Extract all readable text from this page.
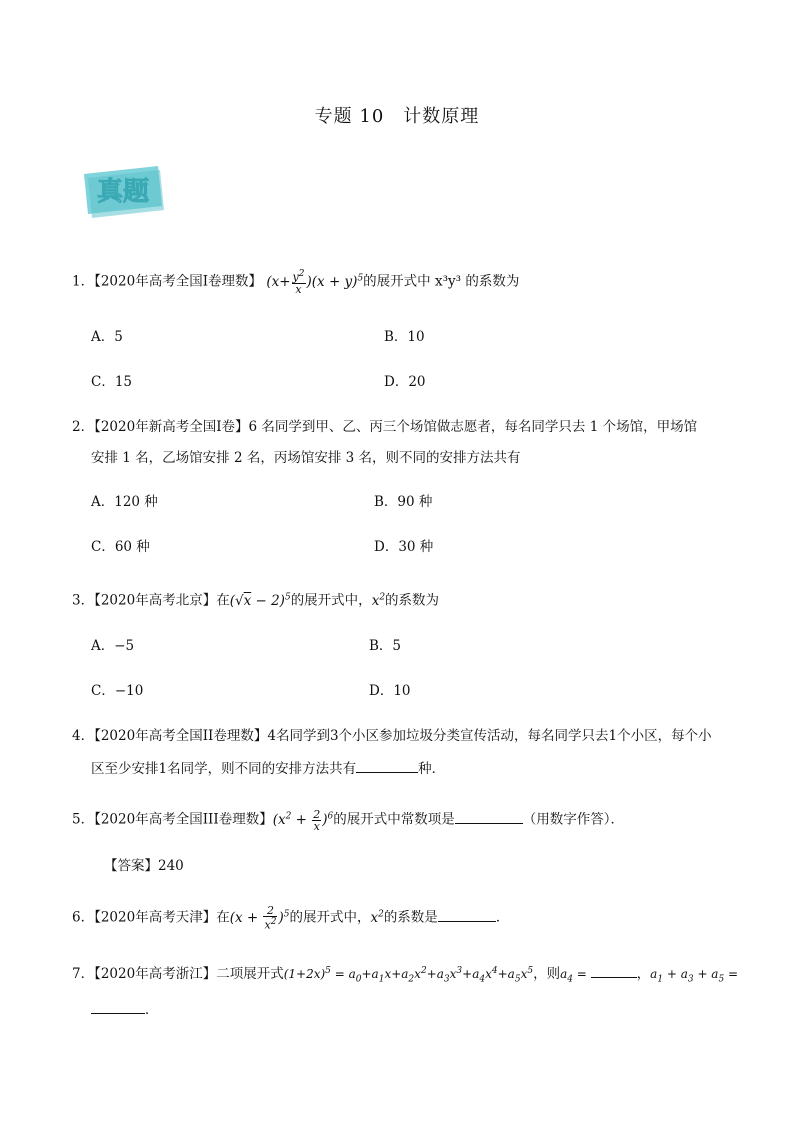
专题 10　计数原理
真题
1．【2020年高考全国Ⅰ卷理数】 $(x+ \frac{y^2}{x} )(x + y)^5$的展开式中 x³y³ 的系数为
A．5	B．10
C．15	D．20
2．【2020年新高考全国Ⅰ卷】6 名同学到甲、乙、丙三个场馆做志愿者，每名同学只去 1 个场馆，甲场馆
安排 1 名，乙场馆安排 2 名，丙场馆安排 3 名，则不同的安排方法共有
A．120 种	B．90 种
C．60 种	D．30 种
3．【2020年高考北京】在$(√x - 2)^5$的展开式中，$x^2$的系数为
A．−5	B．5
C．−10	D．10
4．【2020年高考全国II卷理数】4名同学到3个小区参加垃圾分类宣传活动，每名同学只去1个小区，每个小
区至少安排1名同学，则不同的安排方法共有	种．
5．【2020年高考全国III卷理数】$(x^2 + \frac{2}{x} )^6$的展开式中常数项是	（用数字作答）．
【答案】240
6．【2020年高考天津】在$(x + \frac{2}{x^2} )^5$的展开式中，$x^2$的系数是	．
7．【2020年高考浙江】二项展开式$(1+2x)^5 = a_0+a_1x+a_2x^2+a_3x^3+a_4x^4+a_5x^5$，则$a_4$ =	，$a_1 + a_3 + a_5$ =
．
